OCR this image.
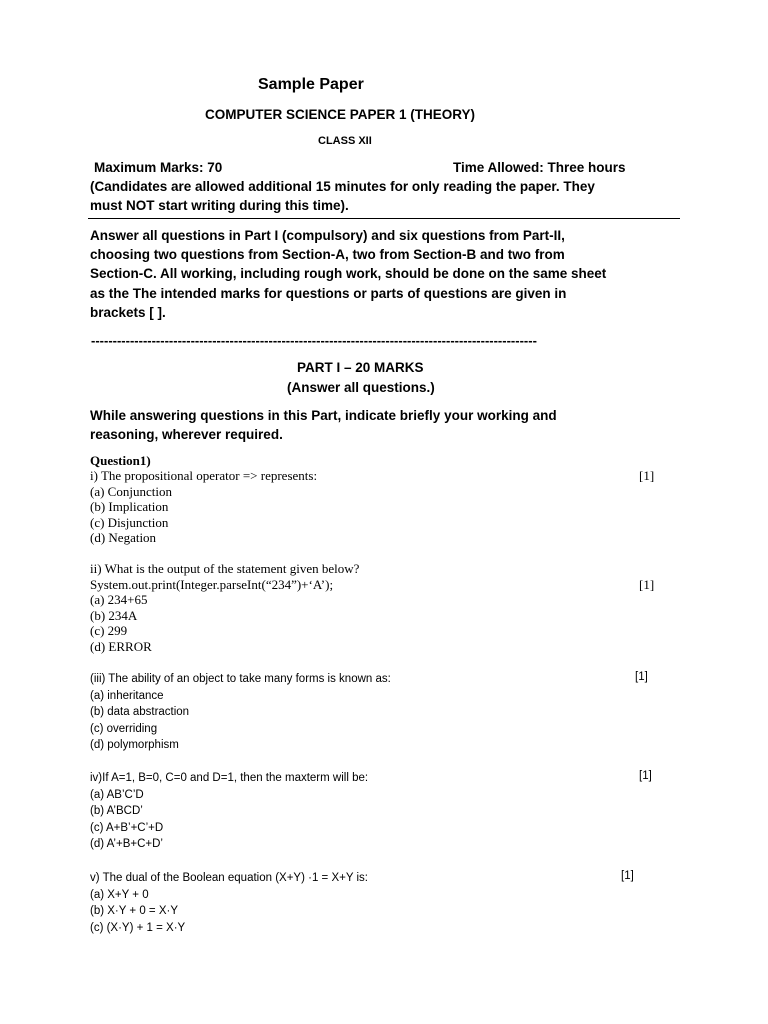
Sample Paper
COMPUTER SCIENCE PAPER 1 (THEORY)
CLASS XII
Maximum Marks: 70	Time Allowed: Three hours
(Candidates are allowed additional 15 minutes for only reading the paper. They
must NOT start writing during this time).
Answer all questions in Part I (compulsory) and six questions from Part-II,
choosing two questions from Section-A, two from Section-B and two from
Section-C. All working, including rough work, should be done on the same sheet
as the The intended marks for questions or parts of questions are given in
brackets [ ].
-------------------------------------------------------------------------------------------------------
PART I – 20 MARKS
(Answer all questions.)
While answering questions in this Part, indicate briefly your working and
reasoning, wherever required.
Question1)
i) The propositional operator => represents:
(a) Conjunction
(b) Implication
(c) Disjunction
(d) Negation
[1]
ii) What is the output of the statement given below?
System.out.print(Integer.parseInt(“234”)+‘A’);
(a) 234+65
(b) 234A
(c) 299
(d) ERROR
[1]
(iii) The ability of an object to take many forms is known as:
(a) inheritance
(b) data abstraction
(c) overriding
(d) polymorphism
[1]
iv)If A=1, B=0, C=0 and D=1, then the maxterm will be:
(a) AB’C’D
(b) A’BCD’
(c) A+B’+C’+D
(d) A’+B+C+D’
[1]
v) The dual of the Boolean equation (X+Y) ·1 = X+Y is:
(a) X+Y + 0
(b) X·Y + 0 = X·Y
(c) (X·Y) + 1 = X·Y
[1]
